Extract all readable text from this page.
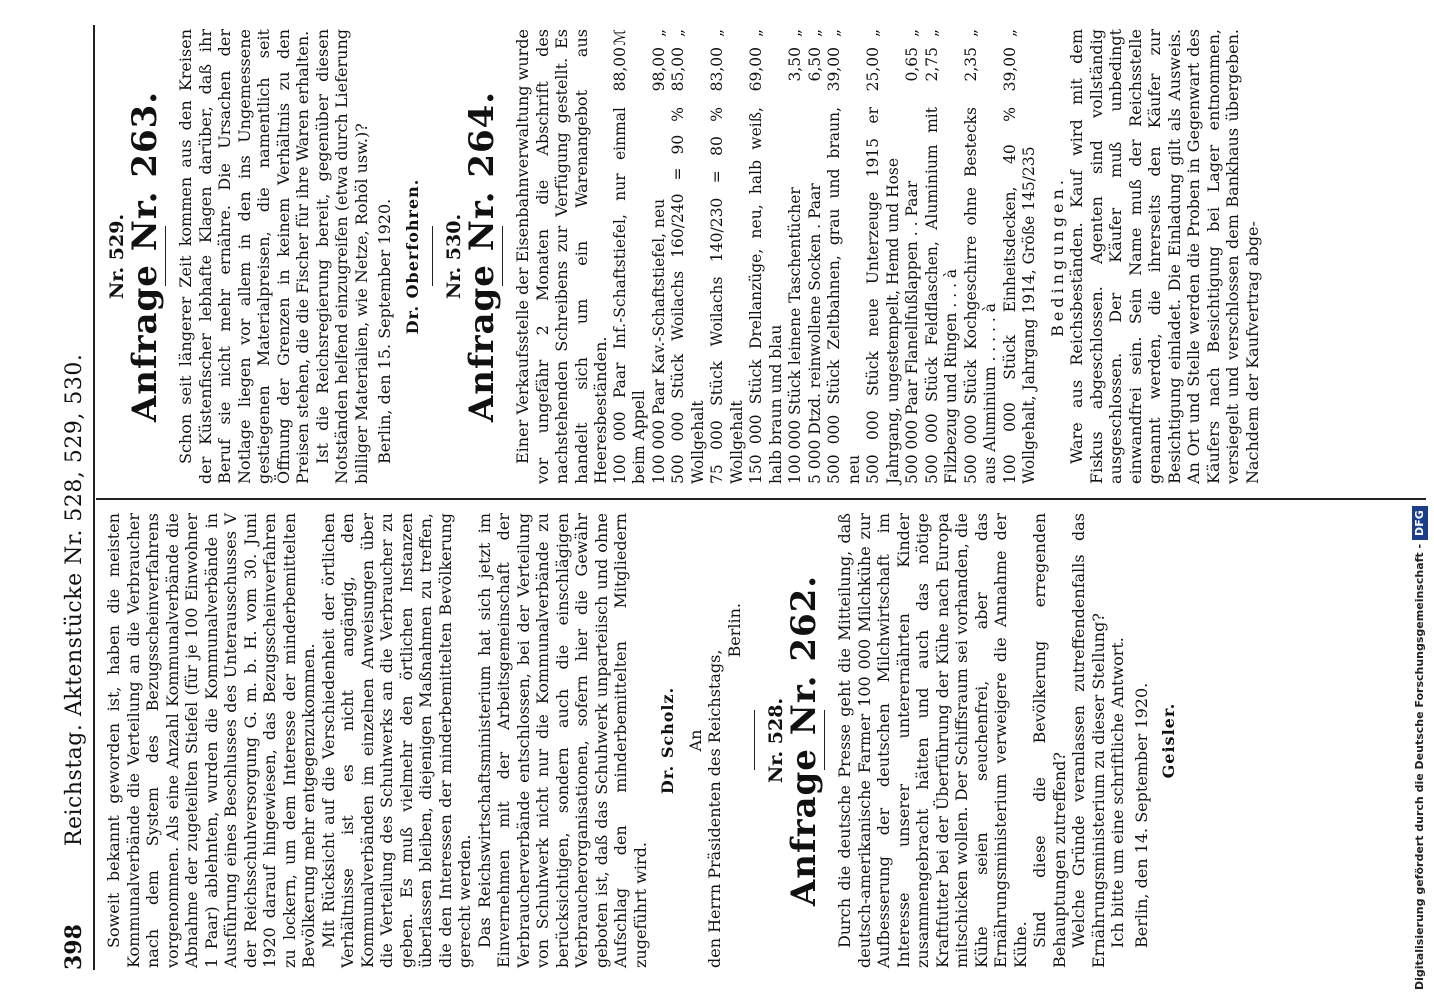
398
Reichstag. Aktenstücke Nr. 528, 529, 530. Soweit bekannt geworden ist, haben die meisten Kommunalverbände die Verteilung an die Verbraucher nach dem System des Bezugsscheinverfahrens vorgenommen. Als eine Anzahl Kommunalverbände die Abnahme der zugeteilten Stiefel (für je 100 Einwohner 1 Paar) ablehnten, wurden die Kommunalverbände in Ausführung eines Beschlusses des Unterausschusses V der Reichsschuhversorgung G. m. b. H. vom 30. Juni 1920 darauf hingewiesen, das Bezugsscheinverfahren zu lockern, um dem Interesse der minderbemittelten Bevölkerung mehr entgegenzukommen. Mit Rücksicht auf die Verschiedenheit der örtlichen Verhältnisse ist es nicht angängig, den Kommunalverbänden im einzelnen Anweisungen über die Verteilung des Schuhwerks an die Verbraucher zu geben. Es muß vielmehr den örtlichen Instanzen überlassen bleiben, diejenigen Maßnahmen zu treffen, die den Interessen der minderbemittelten Bevölkerung gerecht werden. Das Reichswirtschaftsministerium hat sich jetzt im Einvernehmen mit der Arbeitsgemeinschaft der Verbraucherverbände entschlossen, bei der Verteilung von Schuhwerk nicht nur die Kommunalverbände zu berücksichtigen, sondern auch die einschlägigen Verbraucherorganisationen, sofern hier die Gewähr geboten ist, daß das Schuhwerk unparteiisch und ohne Aufschlag den minderbemittelten Mitgliedern zugeführt wird.

Dr. Scholz. An den Herrn Präsidenten des Reichstags,
Berlin.
Nr. 528.
Anfrage Nr. 262. Durch die deutsche Presse geht die Mitteilung, daß deutsch-amerikanische Farmer 100 000 Milchkühe zur Aufbesserung der deutschen Milchwirtschaft im Interesse unserer unterernährten Kinder zusammengebracht hätten und auch das nötige Kraftfutter bei der Überführung der Kühe nach Europa mitschicken wollen. Der Schiffsraum sei vorhanden, die Kühe seien seuchenfrei, aber das Ernährungsministerium verweigere die Annahme der Kühe. Sind diese die Bevölkerung erregenden Behauptungen zutreffend? Welche Gründe veranlassen zutreffendenfalls das Ernährungsministerium zu dieser Stellung? Ich bitte um eine schriftliche Antwort. Berlin, den 14. September 1920. Geisler.
Nr. 529.
Anfrage Nr. 263. Schon seit längerer Zeit kommen aus den Kreisen der Küstenfischer lebhafte Klagen darüber, daß ihr Beruf sie nicht mehr ernähre. Die Ursachen der Notlage liegen vor allem in den ins Ungemessene gestiegenen Materialpreisen, die namentlich seit Öffnung der Grenzen in keinem Verhältnis zu den Preisen stehen, die die Fischer für ihre Waren erhalten. Ist die Reichsregierung bereit, gegenüber diesen Notständen helfend einzugreifen (etwa durch Lieferung billiger Materialien, wie Netze, Rohöl usw.)? Berlin, den 15. September 1920. Dr. Oberfohren. Nr. 530.
Anfrage Nr. 264. Einer Verkaufsstelle der Eisenbahnverwaltung wurde vor ungefähr 2 Monaten die Abschrift des nachstehenden Schreibens zur Verfügung gestellt. Es handelt sich um ein Warenangebot aus Heeresbeständen. 100 000 Paar Inf.-Schaftstiefel, nur einmal beim Appell	88,00	ℳ
100 000 Paar Kav.-Schaftstiefel, neu	98,00	„
500 000 Stück Woilachs 160/240 = 90 % Wollgehalt	85,00	„
75 000 Stück Woilachs 140/230 = 80 % Wollgehalt	83,00	„
150 000 Stück Drellanzüge, neu, halb weiß, halb braun und blau	69,00	„
100 000 Stück leinene Taschentücher	3,50	„
5 000 Dtzd. reinwollene Socken . Paar	6,50	„
500 000 Stück Zeltbahnen, grau und braun, neu	39,00	„
500 000 Stück neue Unterzeuge 1915 er Jahrgang, ungestempelt, Hemd und Hose	25,00	„
500 000 Paar Flanellfußlappen . . Paar	0,65	„
500 000 Stück Feldflaschen, Aluminium mit Filzbezug und Ringen . . . à	2,75	„
500 000 Stück Kochgeschirre ohne Bestecks aus Aluminium . . . . . à	2,35	„
100 000 Stück Einheitsdecken, 40 % Wollgehalt, Jahrgang 1914, Größe 145/235	39,00	„
Bedingungen. Ware aus Reichsbeständen. Kauf wird mit dem Fiskus abgeschlossen. Agenten sind vollständig ausgeschlossen. Der Käufer muß unbedingt einwandfrei sein. Sein Name muß der Reichsstelle genannt werden, die ihrerseits den Käufer zur Besichtigung einladet. Die Einladung gilt als Ausweis. An Ort und Stelle werden die Proben in Gegenwart des Käufers nach Besichtigung bei Lager entnommen, versiegelt und verschlossen dem Bankhaus übergeben. Nachdem der Kaufvertrag abge-

Digitalisierung gefördert durch die Deutsche Forschungsgemeinschaft -DFG
